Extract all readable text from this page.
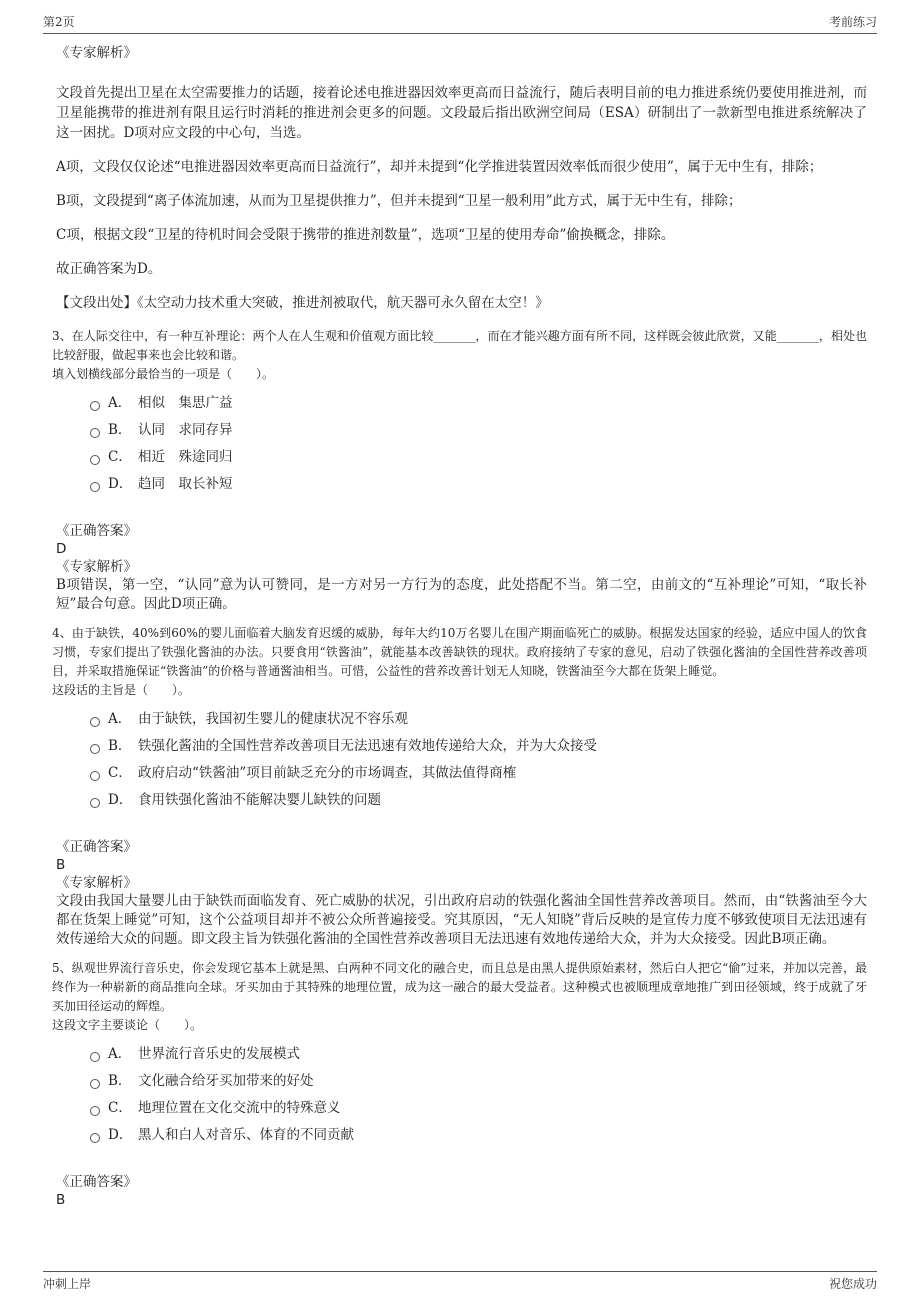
第2页	考前练习
《专家解析》
文段首先提出卫星在太空需要推力的话题，接着论述电推进器因效率更高而日益流行，随后表明目前的电力推进系统仍要使用推进剂，而卫星能携带的推进剂有限且运行时消耗的推进剂会更多的问题。文段最后指出欧洲空间局（ESA）研制出了一款新型电推进系统解决了这一困扰。D项对应文段的中心句，当选。
A项，文段仅仅论述“电推进器因效率更高而日益流行”，却并未提到“化学推进装置因效率低而很少使用”，属于无中生有，排除；
B项，文段提到“离子体流加速，从而为卫星提供推力”，但并未提到“卫星一般利用”此方式，属于无中生有，排除；
C项，根据文段“卫星的待机时间会受限于携带的推进剂数量”，选项“卫星的使用寿命”偷换概念，排除。
故正确答案为D。
【文段出处】《太空动力技术重大突破，推进剂被取代，航天器可永久留在太空！》
3、在人际交往中，有一种互补理论：两个人在人生观和价值观方面比较_______，而在才能兴趣方面有所不同，这样既会彼此欣赏，又能_______，相处也比较舒服，做起事来也会比较和谐。
填入划横线部分最恰当的一项是（　　）。
A． 相似　集思广益
B． 认同　求同存异
C． 相近　殊途同归
D． 趋同　取长补短
《正确答案》
D
《专家解析》
B项错误，第一空，“认同”意为认可赞同，是一方对另一方行为的态度，此处搭配不当。第二空，由前文的“互补理论”可知，“取长补短”最合句意。因此D项正确。
4、由于缺铁，40%到60%的婴儿面临着大脑发育迟缓的威胁，每年大约10万名婴儿在围产期面临死亡的威胁。根据发达国家的经验，适应中国人的饮食习惯，专家们提出了铁强化酱油的办法。只要食用“铁酱油”，就能基本改善缺铁的现状。政府接纳了专家的意见，启动了铁强化酱油的全国性营养改善项目，并采取措施保证“铁酱油”的价格与普通酱油相当。可惜，公益性的营养改善计划无人知晓，铁酱油至今大都在货架上睡觉。
这段话的主旨是（　　）。
A． 由于缺铁，我国初生婴儿的健康状况不容乐观
B． 铁强化酱油的全国性营养改善项目无法迅速有效地传递给大众，并为大众接受
C． 政府启动“铁酱油”项目前缺乏充分的市场调查，其做法值得商榷
D． 食用铁强化酱油不能解决婴儿缺铁的问题
《正确答案》
B
《专家解析》
文段由我国大量婴儿由于缺铁而面临发育、死亡威胁的状况，引出政府启动的铁强化酱油全国性营养改善项目。然而，由“铁酱油至今大都在货架上睡觉”可知，这个公益项目却并不被公众所普遍接受。究其原因，“无人知晓”背后反映的是宣传力度不够致使项目无法迅速有效传递给大众的问题。即文段主旨为铁强化酱油的全国性营养改善项目无法迅速有效地传递给大众，并为大众接受。因此B项正确。
5、纵观世界流行音乐史，你会发现它基本上就是黑、白两种不同文化的融合史，而且总是由黑人提供原始素材，然后白人把它“偷”过来，并加以完善，最终作为一种崭新的商品推向全球。牙买加由于其特殊的地理位置，成为这一融合的最大受益者。这种模式也被顺理成章地推广到田径领域，终于成就了牙买加田径运动的辉煌。
这段文字主要谈论（　　）。
A． 世界流行音乐史的发展模式
B． 文化融合给牙买加带来的好处
C． 地理位置在文化交流中的特殊意义
D． 黑人和白人对音乐、体育的不同贡献
《正确答案》
B
冲刺上岸	祝您成功
